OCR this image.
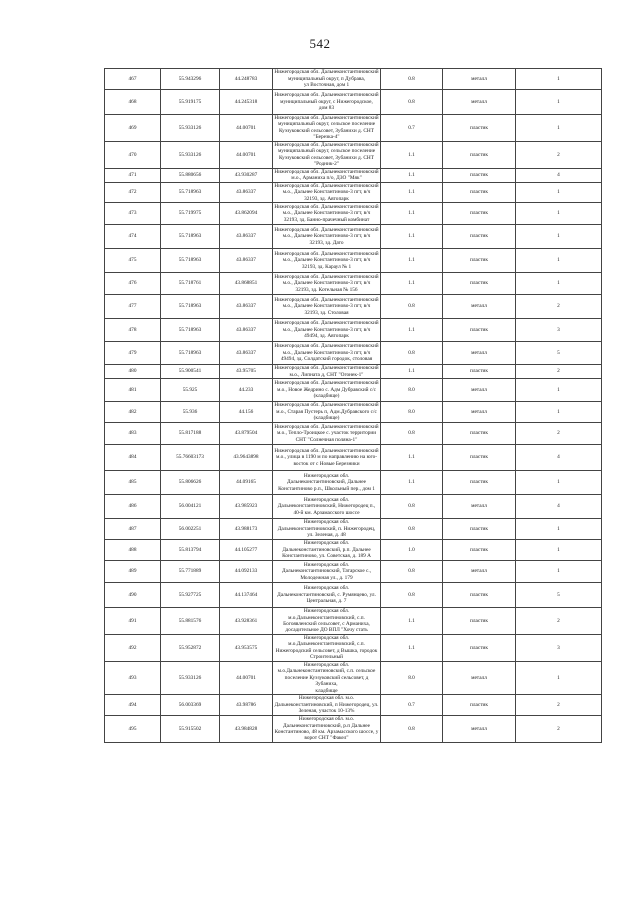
542
467	55.943296	44.248783	Нижегородская обл. Дальнеконстантиновский
муниципальный округ, п Дубрава,
ул Восточная, дом 1	0.8	металл	1
468	55.919175	44.245318	Нижегородская обл. Дальнеконстантиновский
муниципальный округ, с Нижегородское,
дом 83	0.8	металл	1
469	55.933126	44.00701	Нижегородская обл. Дальнеконстантиновский
муниципальный округ, сельское поселение
Куэзуковский сельсовет, Зубанихи д. СНТ
"Березка-4"	0.7	пластик	1
470	55.933126	44.00701	Нижегородская обл. Дальнеконстантиновский
муниципальный округ, сельское поселение
Куэзуковский сельсовет, Зубанихи д. СНТ
"Родник-2"	1.1	пластик	2
471	55.880656	43.930287	Нижегородская обл. Дальнеконстантиновский
м.о., Арманиха п/о, ДЗО "Мяк"	1.1	пластик	4
472	55.718963	43.86337	Нижегородская обл. Дальнеконстантиновский
м.о., Дальнее Константиново-3 пгт, в/ч
32193, зд. Автопарк	1.1	пластик	1
473	55.719975	43.862094	Нижегородская обл. Дальнеконстантиновский
м.о., Дальнее Константиново-3 пгт, в/ч
32193, зд. Банно-прачечный комбинат	1.1	пластик	1
474	55.718963	43.86337	Нижегородская обл. Дальнеконстантиновский
м.о., Дальнее Константиново-3 пгт, в/ч
32193, зд. Дато	1.1	пластик	1
475	55.718963	43.86337	Нижегородская обл. Дальнеконстантиновский
м.о., Дальнее Константиново-3 пгт, в/ч
32193, зд. Караул № 1	1.1	пластик	1
476	55.718761	43.868851	Нижегородская обл. Дальнеконстантиновский
м.о., Дальнее Константиново-3 пгт, в/ч
32193, зд. Котельная № 156	1.1	пластик	1
477	55.718963	43.86337	Нижегородская обл. Дальнеконстантиновский
м.о., Дальнее Константиново-3 пгт, в/ч
32193, зд. Столовая	0.8	металл	2
478	55.718963	43.86337	Нижегородская обл. Дальнеконстантиновский
м.о., Дальнее Константиново-3 пгт, в/ч
49494, зд. Автопарк	1.1	пластик	3
479	55.718963	43.86337	Нижегородская обл. Дальнеконстантиновский
м.о., Дальнее Константиново-3 пгт, в/ч
49494, зд. Солдатский городок, столовая	0.8	металл	5
480	55.900541	43.95705	Нижегородская обл. Дальнеконстантиновский
м.о., Липната д, СНТ "Огонек-1"	1.1	пластик	2
481	55.925	44.233	Нижегородская обл. Дальнеконстантиновский
м.о., Новое Жедрино с. Адм Дубравский с/с
(кладбище)	8.0	металл	1
482	55.936	44.156	Нижегородская обл. Дальнеконстантиновский
м.о., Старая Пустерь п, Адм.Дубравского с/с
(кладбище)	8.0	металл	1
483	55.817188	43.879504	Нижегородская обл. Дальнеконстантиновский
м.о., Тепло-Троицкое с. участок территории
СНТ "Солнечная поляна-1"	0.8	пластик	2
484	55.76603173	43.9643898	Нижегородская обл. Дальнеконстантиновский
м.о., улица в 1190 м по направлению на юго-
восток от с Новые Березники	1.1	пластик	4
485	55.806626	44.09165	Нижегородская обл.
Дальнеконстантиновский, Дальнее
Константиново р.п., Школьный пер., дом 1	1.1	пластик	1
486	56.004121	43.985923	Нижегородская обл.
Дальнеконстантиновский, Нижегородец п.,
40-й км. Арзамасского шоссе	0.8	металл	4
487	56.002251	43.988173	Нижегородская обл.
Дальнеконстантиновский, п. Нижегородец,
ул. Зеленая, д. 48	0.8	пластик	1
488	55.813794	44.105277	Нижегородская обл.
Дальнеконстантиновский, р.п. Дальнее
Константиново, ул. Советская, д. 189 А	1.0	пластик	1
489	55.771889	44.092133	Нижегородская обл.
Дальнеконстантиновский, Татарское с.,
Молодежная ул., д. 179	0.8	металл	1
490	55.927725	44.137464	Нижегородская обл.
Дальнеконстантиновский, с. Румянцево, ул.
Центральная, д. 7	0.8	пластик	5
491	55.881576	43.928361	Нижегородская обл.
м.о.Дальнеконстантиновский, с.п.
Богоявленский сельсовет, с Арманиха,
досадительное ДО ВПЛ "Хочу стать	1.1	пластик	2
492	55.952872	43.953575	Нижегородская обл.
м.о.Дальнеконстантиновский, с.п.
Нижегородский сельсовет, д Вышка, городок
Строительный	1.1	пластик	3
493	55.933126	44.00701	Нижегородская обл.
м.о.Дальнеконстантиновский, с.п. сельское
поселение Куэзуковский сельсовет, д Зубаниха,
кладбище	8.0	металл	1
494	56.003369	43.98786	Нижегородская обл. м.о.
Дальнеконстантиновский, п Нижегородец, ул.
Зеленая, участок 10-13%	0.7	пластик	2
495	55.915502	43.984828	Нижегородская обл. м.о.
Дальнеконстантиновский, р.п Дальнее
Константиново, 48 км. Арзамасского шоссе, у
ворот СНТ "Факел"	0.8	металл	2
